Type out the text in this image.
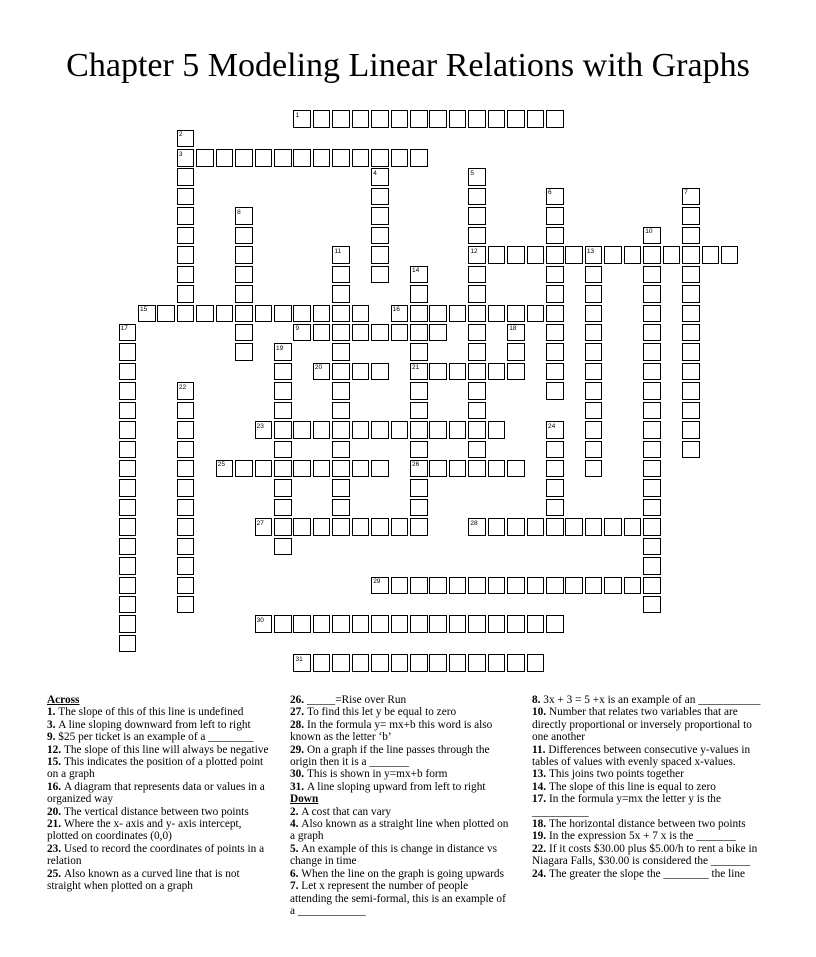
Chapter 5 Modeling Linear Relations with Graphs
1
3
9
12
15	16
20	21
23
25	26
27	28
29
30
31
2
4	5
6	7
8
10
11	13
14
17	18
19
22
24
Across
1. The slope of this of this line is undefined
3. A line sloping downward from left to right
9. $25 per ticket is an example of a ________
12. The slope of this line will always be negative
15. This indicates the position of a plotted point on a graph
16. A diagram that represents data or values in a organized way
20. The vertical distance between two points
21. Where the x- axis and y- axis intercept, plotted on coordinates (0,0)
23. Used to record the coordinates of points in a relation
25. Also known as a curved line that is not straight when plotted on a graph
26. _____=Rise over Run
27. To find this let y be equal to zero
28. In the formula y= mx+b this word is also known as the letter ‘b’
29. On a graph if the line passes through the origin then it is a _______
30. This is shown in y=mx+b form
31. A line sloping upward from left to right
Down
2. A cost that can vary
4. Also known as a straight line when plotted on a graph
5. An example of this is change in distance vs change in time
6. When the line on the graph is going upwards
7. Let x represent the number of people attending the semi-formal, this is an example of a ____________
8. 3x + 3 = 5 +x is an example of an ___________
10. Number that relates two variables that are directly proportional or inversely proportional to one another
11. Differences between consecutive y-values in tables of values with evenly spaced x-values.
13. This joins two points together
14. The slope of this line is equal to zero
17. In the formula y=mx the letter y is the __________
18. The horizontal distance between two points
19. In the expression 5x + 7 x is the _______
22. If it costs $30.00 plus $5.00/h to rent a bike in Niagara Falls, $30.00 is considered the _______
24. The greater the slope the ________ the line
